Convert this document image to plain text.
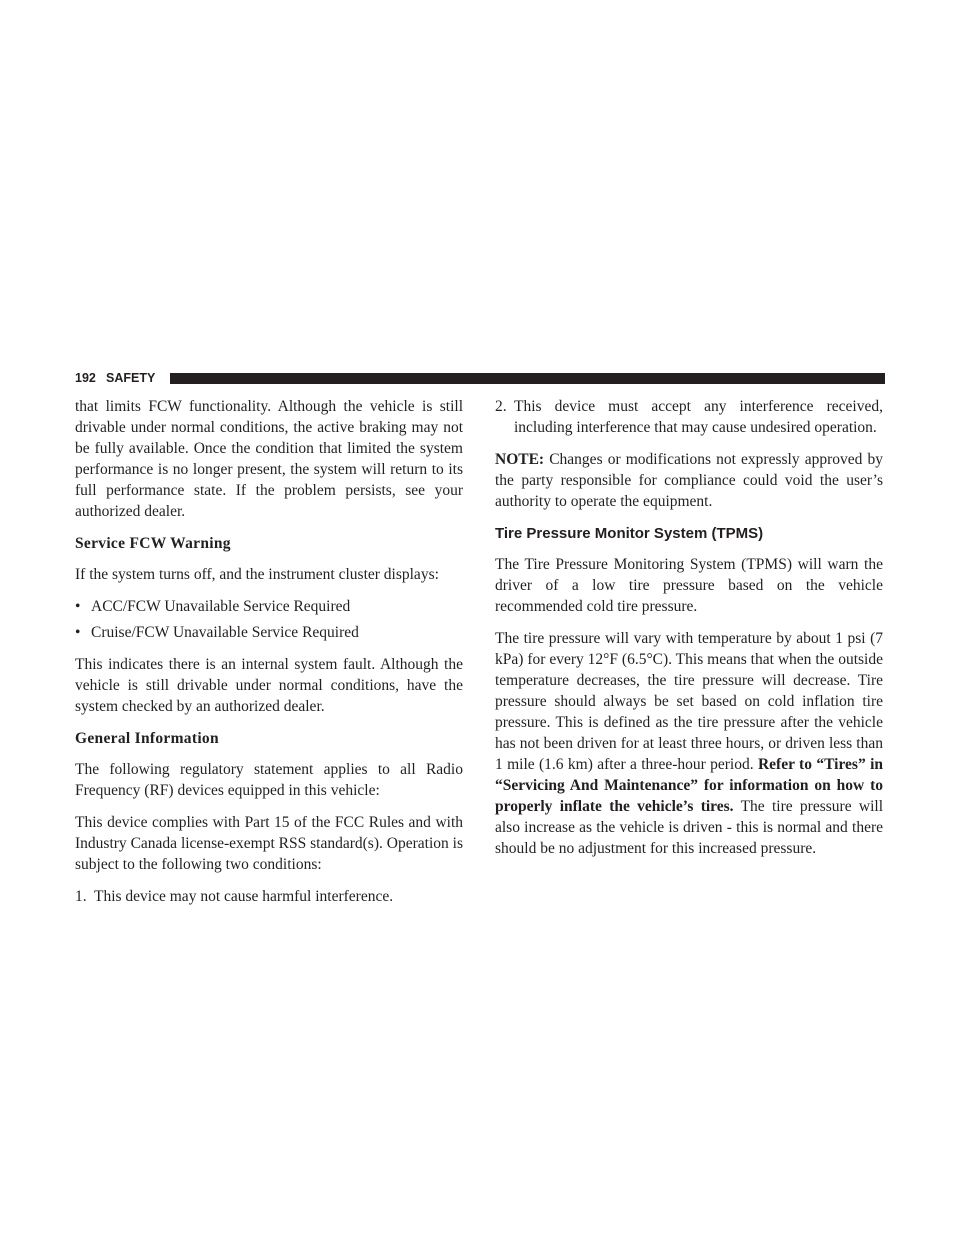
192 SAFETY

that limits FCW functionality. Although the vehicle is still drivable under normal conditions, the active braking may not be fully available. Once the condition that limited the system performance is no longer present, the system will return to its full performance state. If the problem persists, see your authorized dealer.

Service FCW Warning

If the system turns off, and the instrument cluster displays:

• ACC/FCW Unavailable Service Required
• Cruise/FCW Unavailable Service Required

This indicates there is an internal system fault. Although the vehicle is still drivable under normal conditions, have the system checked by an authorized dealer.

General Information

The following regulatory statement applies to all Radio Frequency (RF) devices equipped in this vehicle:

This device complies with Part 15 of the FCC Rules and with Industry Canada license-exempt RSS standard(s). Operation is subject to the following two conditions:

1. This device may not cause harmful interference.
2. This device must accept any interference received, including interference that may cause undesired operation.

NOTE: Changes or modifications not expressly approved by the party responsible for compliance could void the user’s authority to operate the equipment.

Tire Pressure Monitor System (TPMS)

The Tire Pressure Monitoring System (TPMS) will warn the driver of a low tire pressure based on the vehicle recommended cold tire pressure.

The tire pressure will vary with temperature by about 1 psi (7 kPa) for every 12°F (6.5°C). This means that when the outside temperature decreases, the tire pressure will decrease. Tire pressure should always be set based on cold inflation tire pressure. This is defined as the tire pressure after the vehicle has not been driven for at least three hours, or driven less than 1 mile (1.6 km) after a three-hour period. Refer to “Tires” in “Servicing And Maintenance” for information on how to properly inflate the vehicle’s tires. The tire pressure will also increase as the vehicle is driven - this is normal and there should be no adjustment for this increased pressure.
